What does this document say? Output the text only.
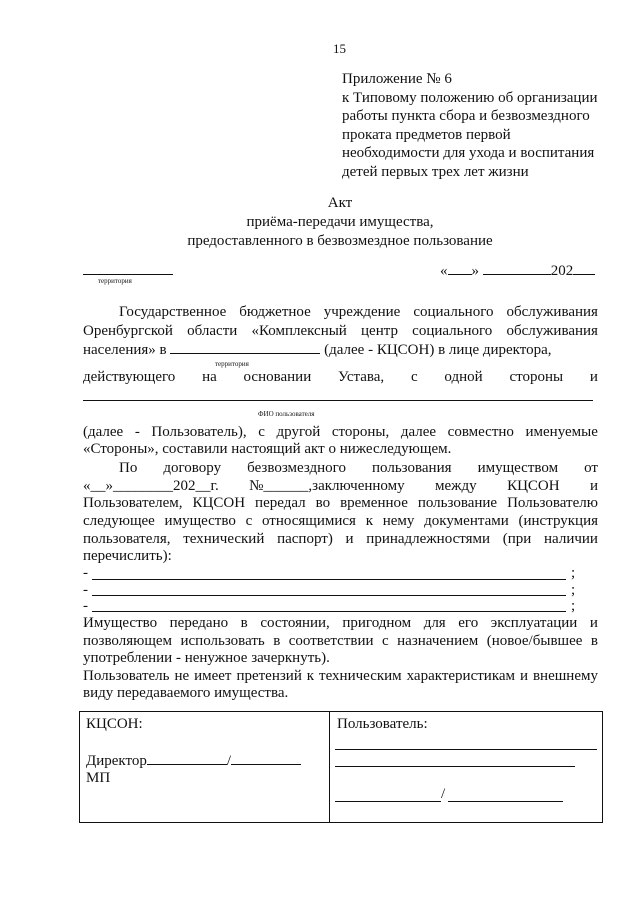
15
Приложение № 6
к Типовому положению об организации
работы пункта сбора и безвозмездного
проката предметов первой
необходимости для ухода и воспитания
детей первых трех лет жизни
Акт
приёма-передачи имущества,
предоставленного в безвозмездное пользование
территория
« »	202
Государственное бюджетное учреждение социального обслуживания
Оренбургской области «Комплексный центр социального обслуживания
населения» в	(далее - КЦСОН) в лице директора,
территория
действующего на основании Устава, с одной стороны и
ФИО пользователя
(далее - Пользователь), с другой стороны, далее совместно именуемые
«Стороны», составили настоящий акт о нижеследующем.
По договору безвозмездного пользования имуществом от
«__»________202__г. №______,заключенному между КЦСОН и
Пользователем, КЦСОН передал во временное пользование Пользователю
следующее имущество с относящимися к нему документами (инструкция
пользователя, технический паспорт) и принадлежностями (при наличии
перечислить):
-	;
-	;
-	;
Имущество передано в состоянии, пригодном для его эксплуатации и
позволяющем использовать в соответствии с назначением (новое/бывшее в
употреблении - ненужное зачеркнуть).
Пользователь не имеет претензий к техническим характеристикам и внешнему
виду передаваемого имущества.
КЦСОН:
Директор	/
МП
Пользователь:
/
